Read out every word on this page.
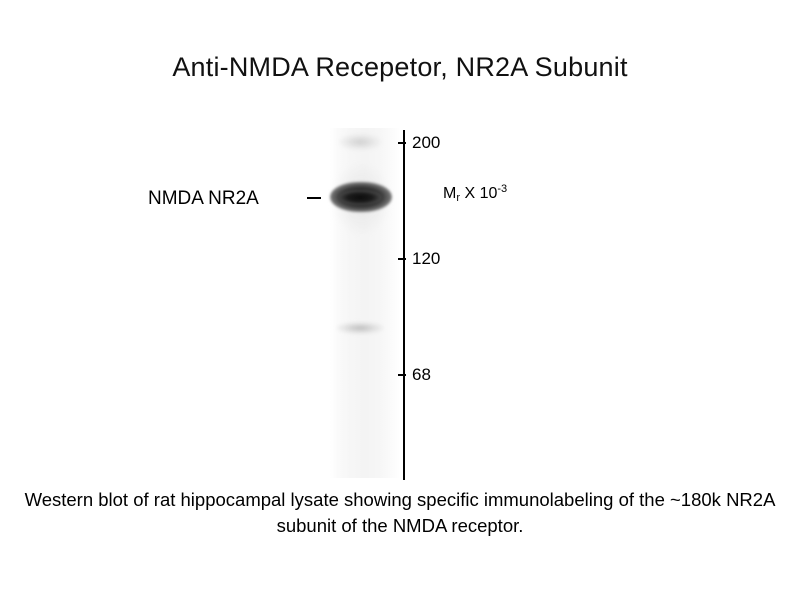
Anti-NMDA Recepetor, NR2A Subunit
200
120
68
$M_r$ X $10^{-3}$
NMDA NR2A
Western blot of rat hippocampal lysate showing specific immunolabeling of the ~180k NR2A subunit of the NMDA receptor.
